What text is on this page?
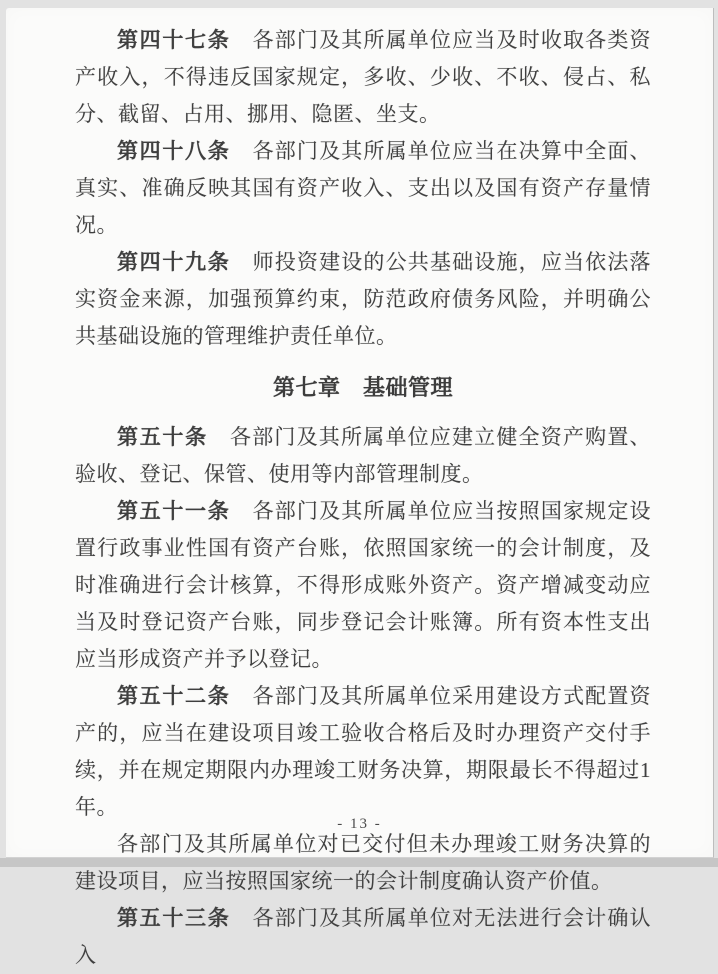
第四十七条　 各部门及其所属单位应当及时收取各类资产收入，不得违反国家规定，多收、少收、不收、侵占、私分、截留、占用、挪用、隐匿、坐支。

第四十八条　 各部门及其所属单位应当在决算中全面、真实、准确反映其国有资产收入、支出以及国有资产存量情况。

第四十九条　 师投资建设的公共基础设施，应当依法落实资金来源，加强预算约束，防范政府债务风险，并明确公共基础设施的管理维护责任单位。

第七章　基础管理

第五十条　 各部门及其所属单位应建立健全资产购置、验收、登记、保管、使用等内部管理制度。

第五十一条　 各部门及其所属单位应当按照国家规定设置行政事业性国有资产台账，依照国家统一的会计制度，及时准确进行会计核算，不得形成账外资产。资产增减变动应当及时登记资产台账，同步登记会计账簿。所有资本性支出应当形成资产并予以登记。

第五十二条　 各部门及其所属单位采用建设方式配置资产的，应当在建设项目竣工验收合格后及时办理资产交付手续，并在规定期限内办理竣工财务决算，期限最长不得超过1年。

各部门及其所属单位对已交付但未办理竣工财务决算的建设项目，应当按照国家统一的会计制度确认资产价值。

第五十三条　 各部门及其所属单位对无法进行会计确认入

- 13 -
